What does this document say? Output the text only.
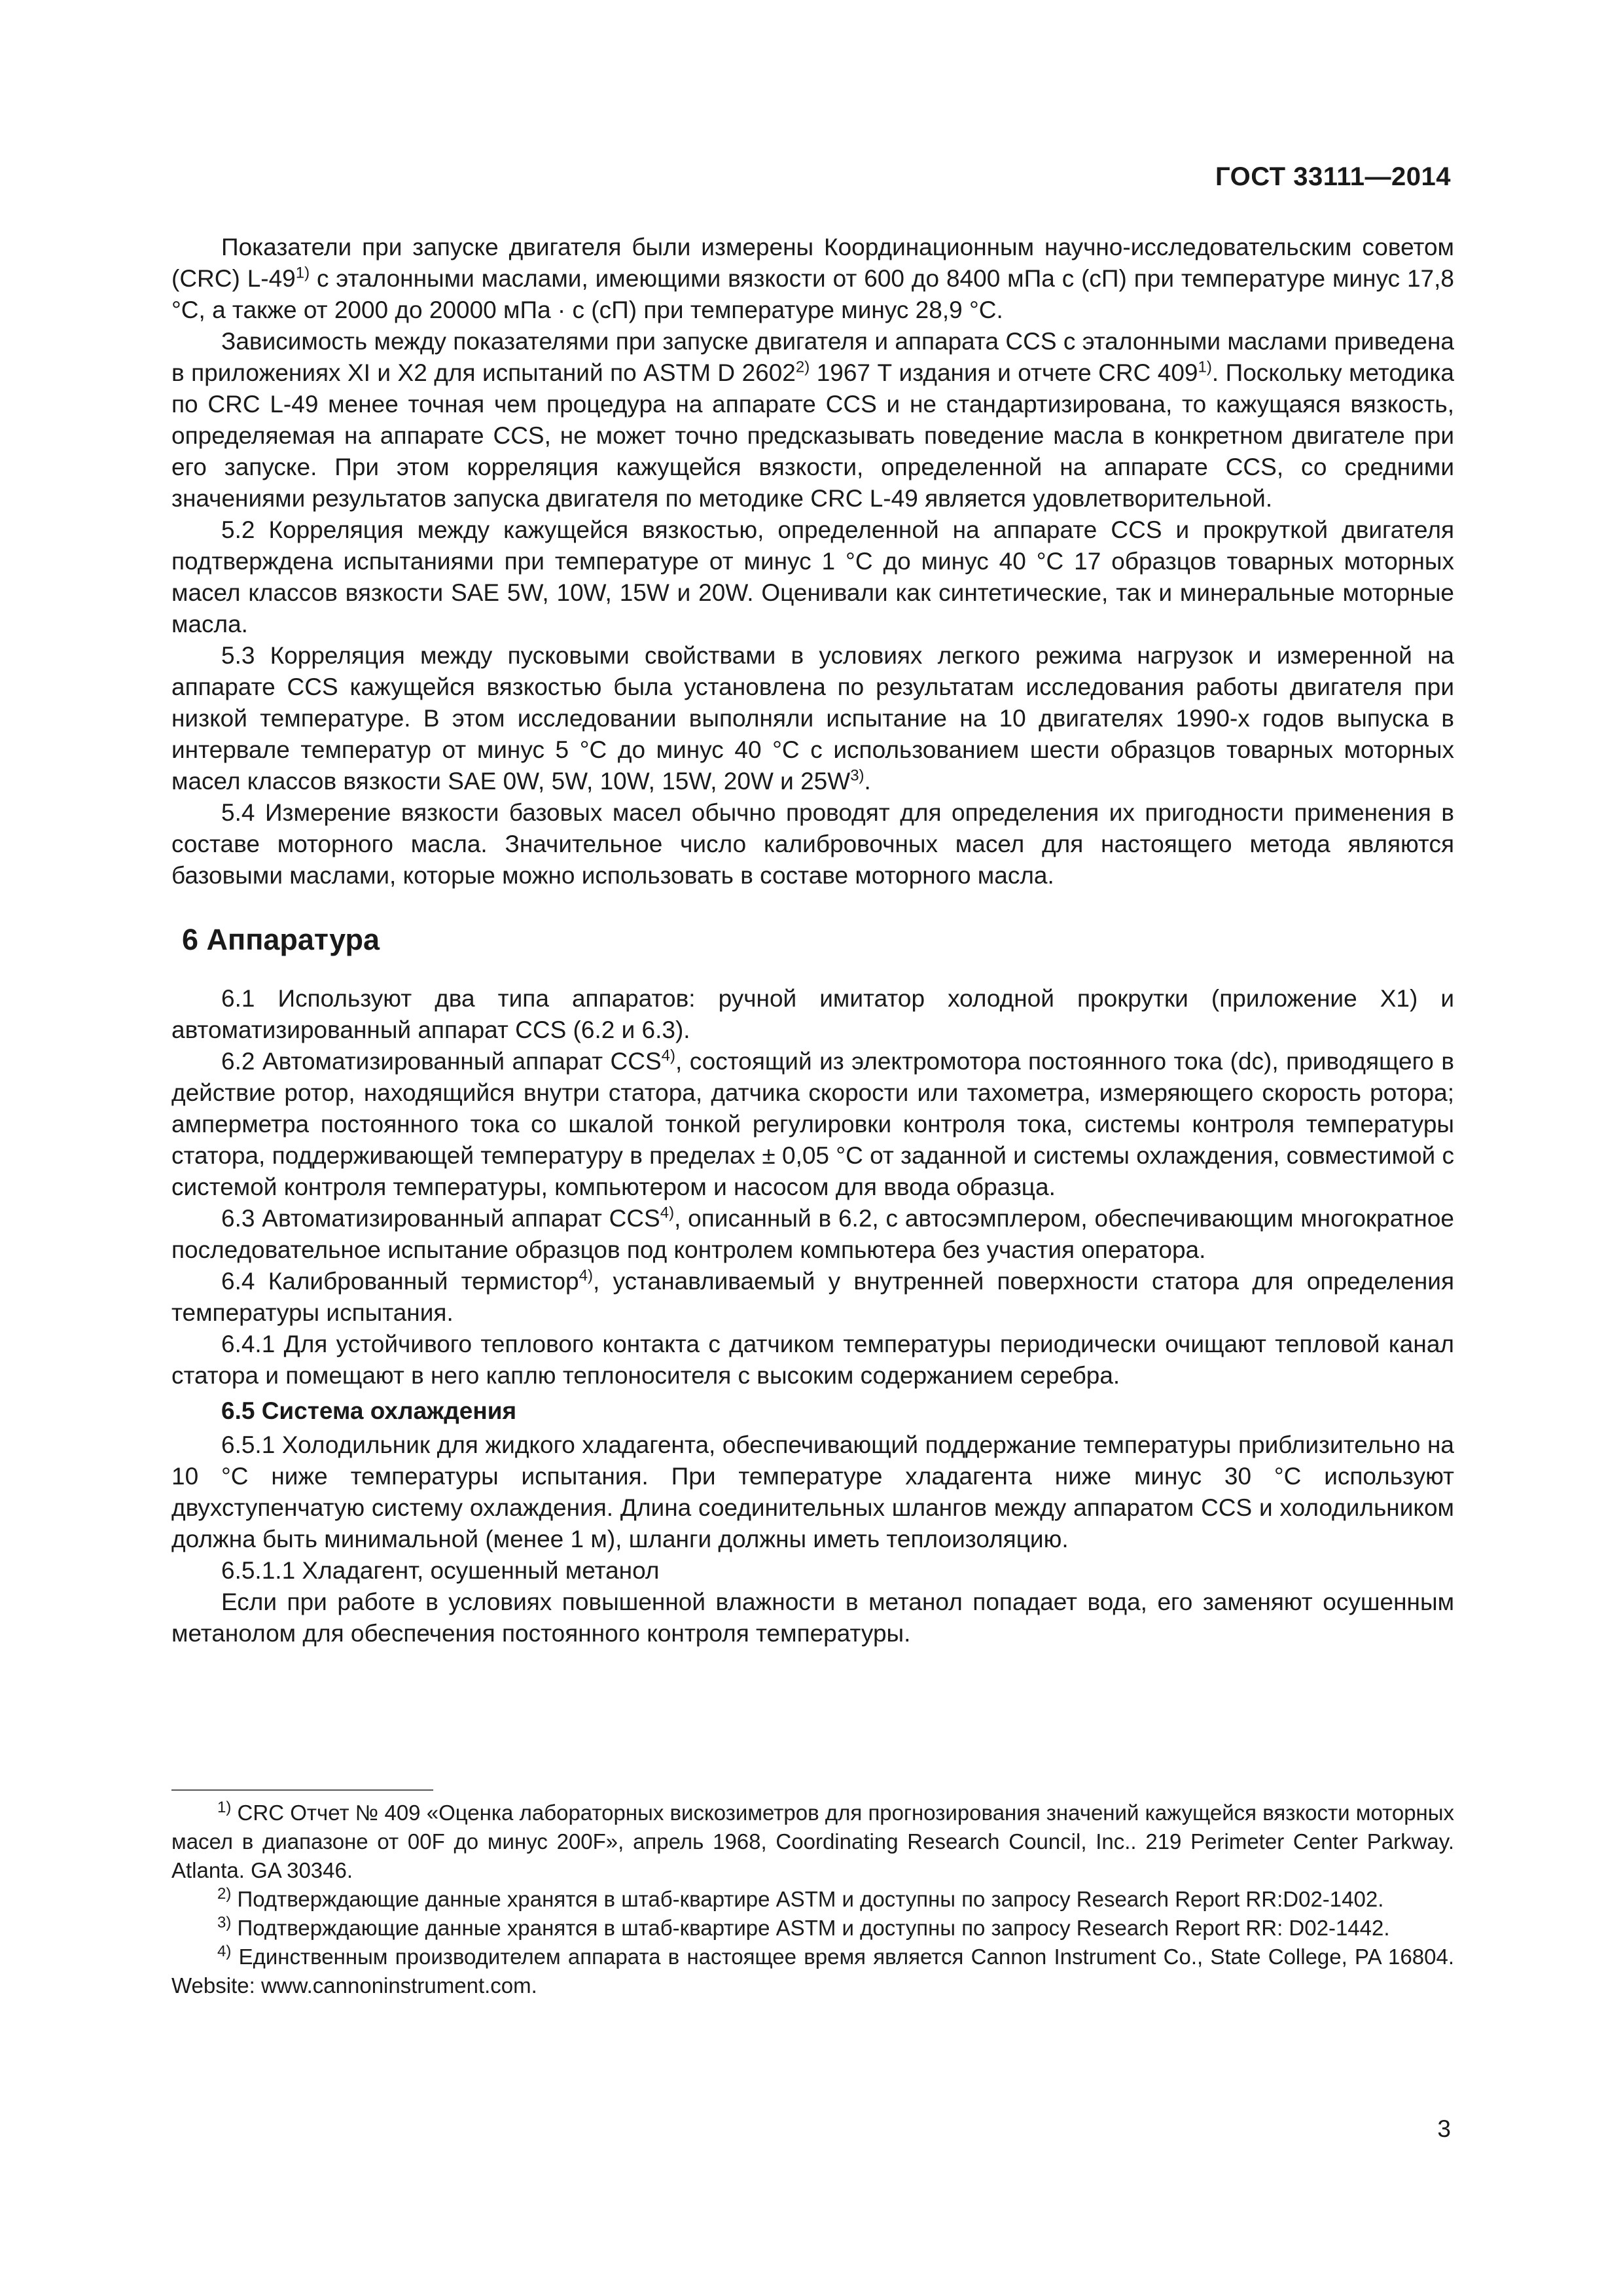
ГОСТ 33111—2014

Показатели при запуске двигателя были измерены Координационным научно-исследовательским советом (CRC) L-49$^{1)}$ с эталонными маслами, имеющими вязкости от 600 до 8400 мПа с (сП) при температуре минус 17,8 °С, а также от 2000 до 20000 мПа · с (сП) при температуре минус 28,9 °С.

Зависимость между показателями при запуске двигателя и аппарата CCS с эталонными маслами приведена в приложениях XI и Х2 для испытаний по ASTM D 2602$^{2)}$ 1967 Т издания и отчете CRC 409$^{1)}$. Поскольку методика по CRC L-49 менее точная чем процедура на аппарате CCS и не стандартизирована, то кажущаяся вязкость, определяемая на аппарате CCS, не может точно предсказывать поведение масла в конкретном двигателе при его запуске. При этом корреляция кажущейся вязкости, определенной на аппарате CCS, со средними значениями результатов запуска двигателя по методике CRC L-49 является удовлетворительной.

5.2 Корреляция между кажущейся вязкостью, определенной на аппарате CCS и прокруткой двигателя подтверждена испытаниями при температуре от минус 1 °С до минус 40 °С 17 образцов товарных моторных масел классов вязкости SAE 5W, 10W, 15W и 20W. Оценивали как синтетические, так и минеральные моторные масла.

5.3 Корреляция между пусковыми свойствами в условиях легкого режима нагрузок и измеренной на аппарате CCS кажущейся вязкостью была установлена по результатам исследования работы двигателя при низкой температуре. В этом исследовании выполняли испытание на 10 двигателях 1990-х годов выпуска в интервале температур от минус 5 °С до минус 40 °С с использованием шести образцов товарных моторных масел классов вязкости SAE 0W, 5W, 10W, 15W, 20W и $25W^{3)}$.

5.4 Измерение вязкости базовых масел обычно проводят для определения их пригодности применения в составе моторного масла. Значительное число калибровочных масел для настоящего метода являются базовыми маслами, которые можно использовать в составе моторного масла.

6 Аппаратура

6.1 Используют два типа аппаратов: ручной имитатор холодной прокрутки (приложение Х1) и автоматизированный аппарат CCS (6.2 и 6.3).

6.2 Автоматизированный аппарат CCS$^{4)}$, состоящий из электромотора постоянного тока (dc), приводящего в действие ротор, находящийся внутри статора, датчика скорости или тахометра, измеряющего скорость ротора; амперметра постоянного тока со шкалой тонкой регулировки контроля тока, системы контроля температуры статора, поддерживающей температуру в пределах ± 0,05 °С от заданной и системы охлаждения, совместимой с системой контроля температуры, компьютером и насосом для ввода образца.

6.3 Автоматизированный аппарат CCS$^{4)}$, описанный в 6.2, с автосэмплером, обеспечивающим многократное последовательное испытание образцов под контролем компьютера без участия оператора.

6.4 Калиброванный термистор$^{4)}$, устанавливаемый у внутренней поверхности статора для определения температуры испытания.

6.4.1 Для устойчивого теплового контакта с датчиком температуры периодически очищают тепловой канал статора и помещают в него каплю теплоносителя с высоким содержанием серебра.

6.5 Система охлаждения

6.5.1 Холодильник для жидкого хладагента, обеспечивающий поддержание температуры приблизительно на 10 °С ниже температуры испытания. При температуре хладагента ниже минус 30 °С используют двухступенчатую систему охлаждения. Длина соединительных шлангов между аппаратом CCS и холодильником должна быть минимальной (менее 1 м), шланги должны иметь теплоизоляцию.

6.5.1.1 Хладагент, осушенный метанол

Если при работе в условиях повышенной влажности в метанол попадает вода, его заменяют осушенным метанолом для обеспечения постоянного контроля температуры.

$^{1)}$ CRC Отчет № 409 «Оценка лабораторных вискозиметров для прогнозирования значений кажущейся вязкости моторных масел в диапазоне от 00F до минус 200F», апрель 1968, Coordinating Research Council, Inc.. 219 Perimeter Center Parkway. Atlanta. GA 30346.

$^{2)}$ Подтверждающие данные хранятся в штаб-квартире ASTM и доступны по запросу Research Report RR:D02-1402.

$^{3)}$ Подтверждающие данные хранятся в штаб-квартире ASTM и доступны по запросу Research Report RR: D02-1442.

$^{4)}$ Единственным производителем аппарата в настоящее время является Cannon Instrument Co., State College, PA 16804. Website: www.cannoninstrument.com.

3
